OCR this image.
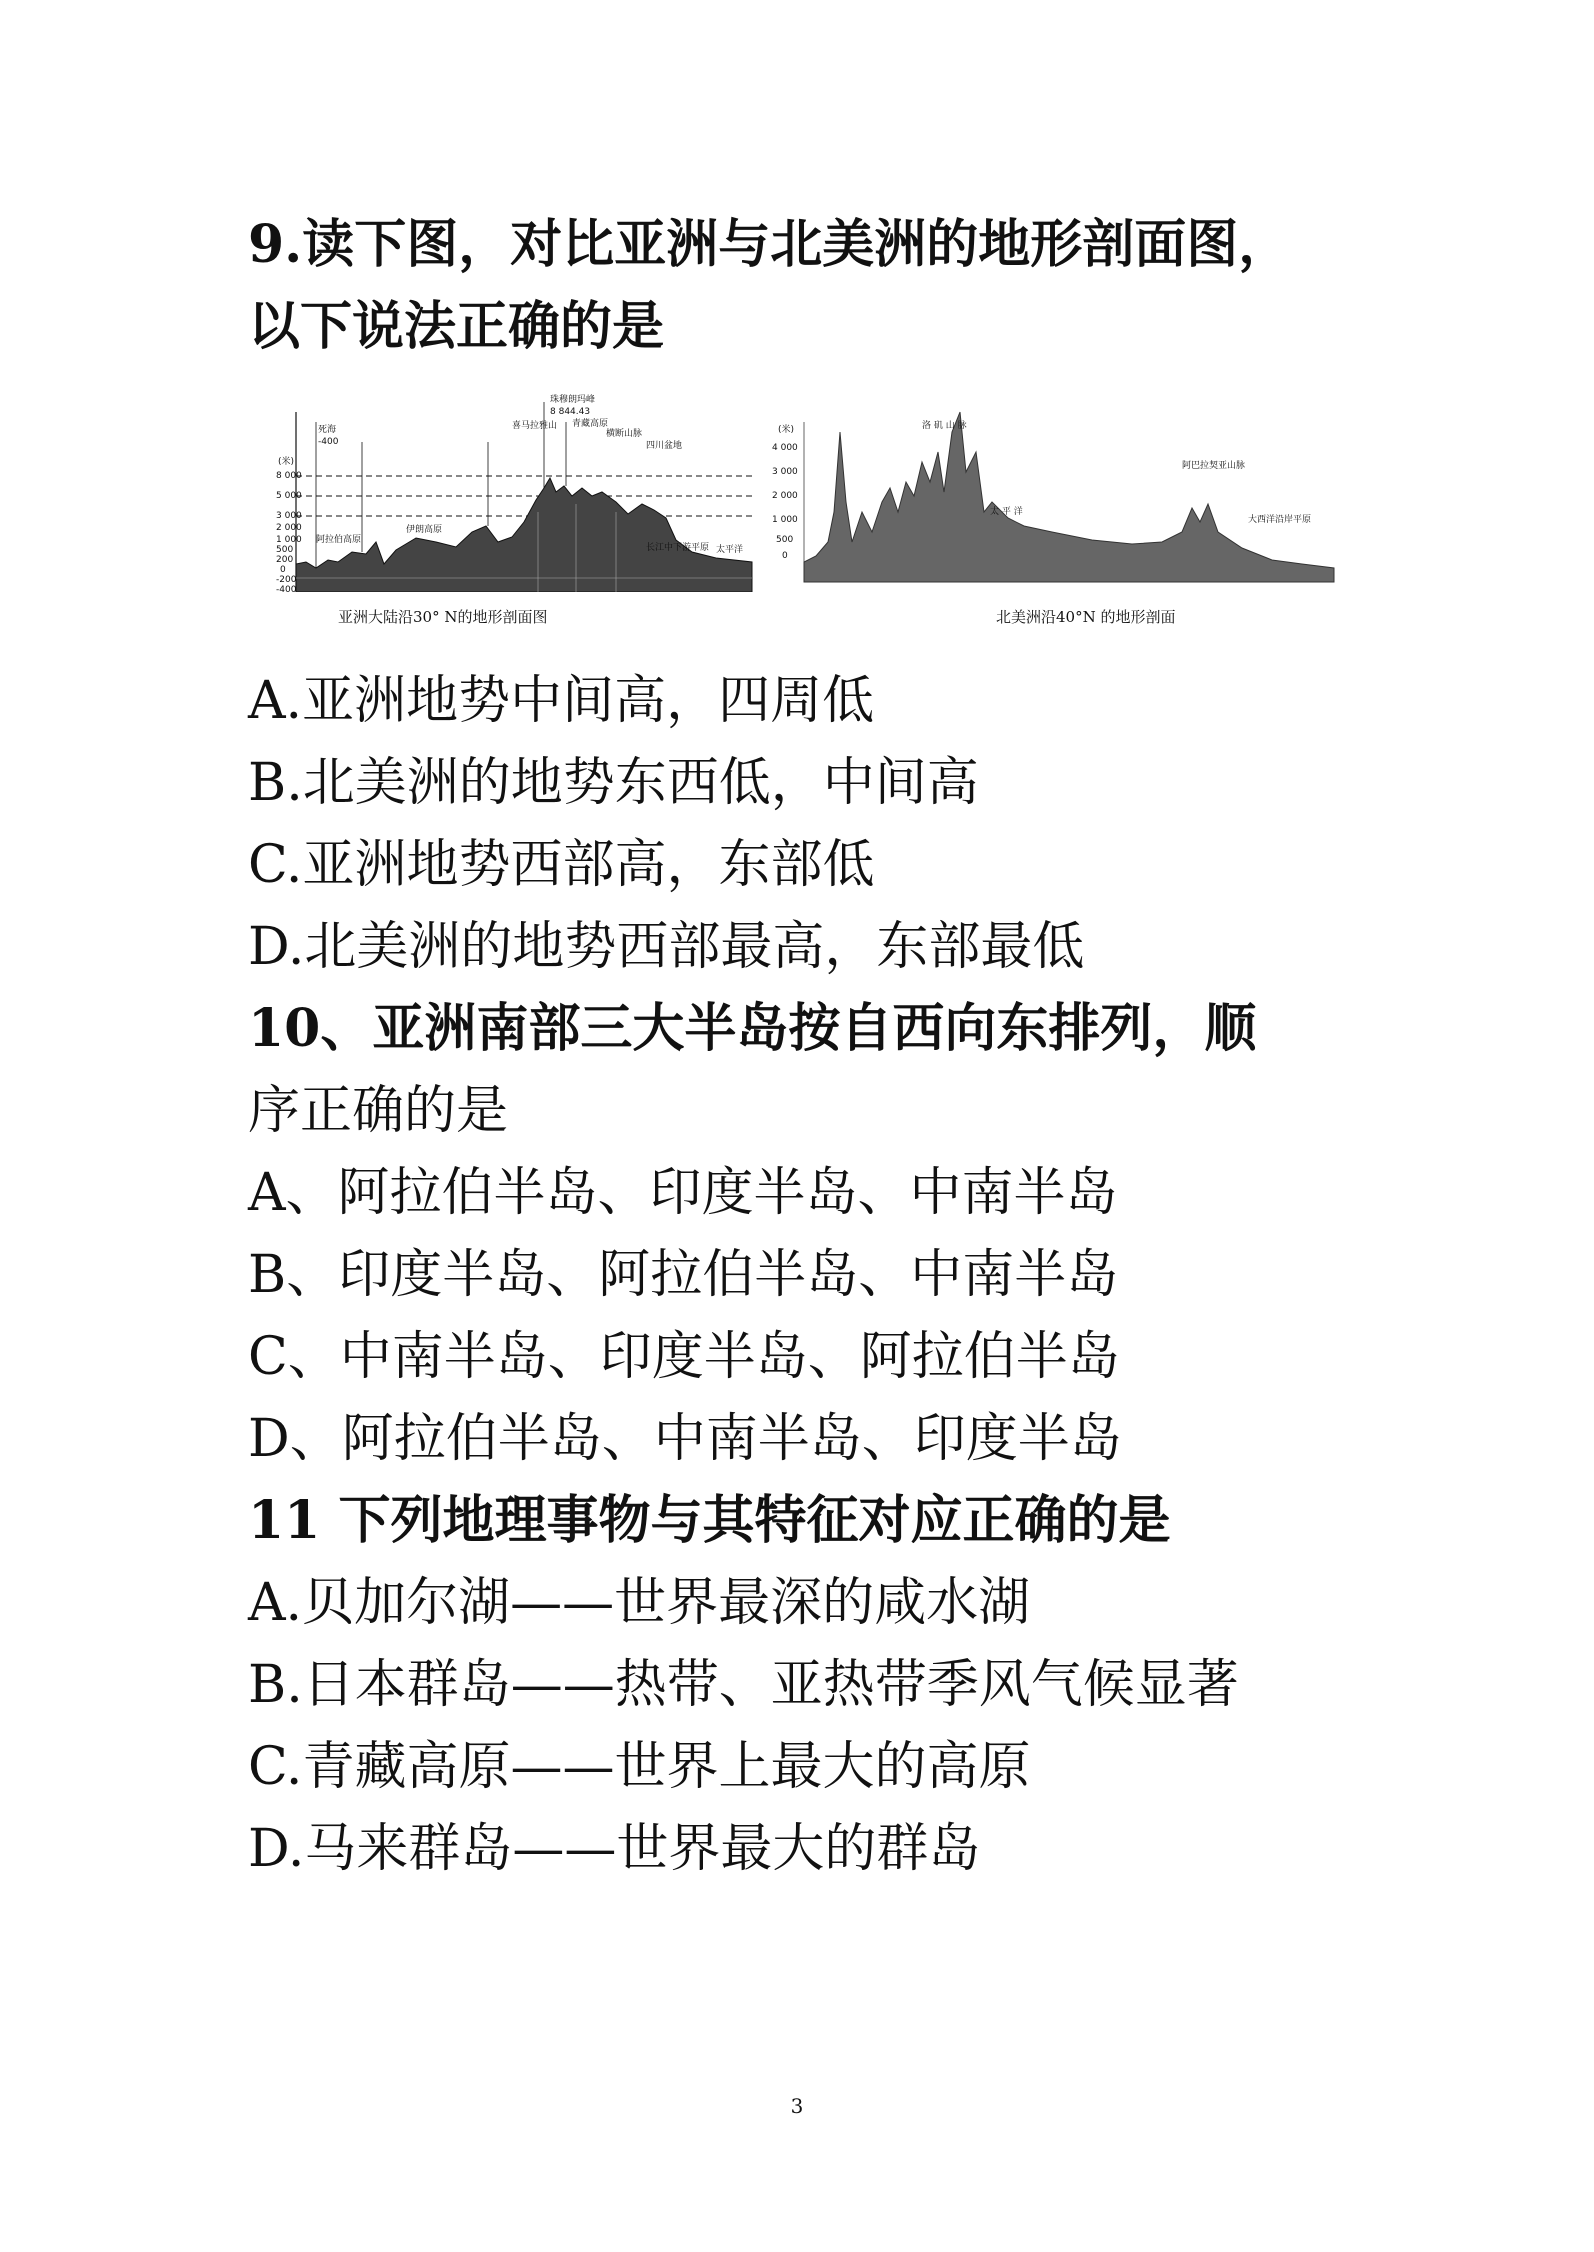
9.读下图，对比亚洲与北美洲的地形剖面图，
以下说法正确的是
(米)
8 000
5 000
3 000
2 000
1 000
500
200
0
-200
-400
珠穆朗玛峰
8 844.43
喜马拉雅山
死海
-400
阿拉伯高原
伊朗高原
四川盆地
太平洋
长江中下游平原
横断山脉
青藏高原
亚洲大陆沿30° N的地形剖面图
(米)
4 000
3 000
2 000
1 000
500
0
洛 矶 山 脉
太 平 洋
阿巴拉契亚山脉
大西洋沿岸平原
北美洲沿40°N 的地形剖面
A.亚洲地势中间高，四周低
B.北美洲的地势东西低，中间高
C.亚洲地势西部高，东部低
D.北美洲的地势西部最高，东部最低
10、亚洲南部三大半岛按自西向东排列，顺
序正确的是
A、阿拉伯半岛、印度半岛、中南半岛
B、印度半岛、阿拉伯半岛、中南半岛
C、中南半岛、印度半岛、阿拉伯半岛
D、阿拉伯半岛、中南半岛、印度半岛
11 下列地理事物与其特征对应正确的是
A.贝加尔湖——世界最深的咸水湖
B.日本群岛——热带、亚热带季风气候显著
C.青藏高原——世界上最大的高原
D.马来群岛——世界最大的群岛
3
